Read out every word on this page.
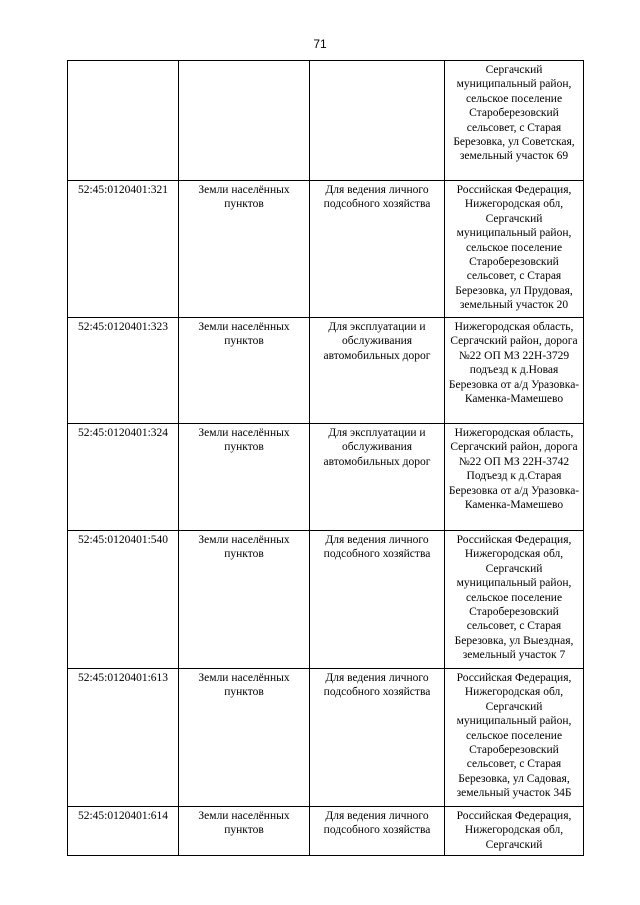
71
			Сергачский муниципальный район, сельское поселение Староберезовский сельсовет, с Старая Березовка, ул Советская, земельный участок 69
52:45:0120401:321	Земли населённых пунктов	Для ведения личного подсобного хозяйства	Российская Федерация, Нижегородская обл, Сергачский муниципальный район, сельское поселение Староберезовский сельсовет, с Старая Березовка, ул Прудовая, земельный участок 20
52:45:0120401:323	Земли населённых пунктов	Для эксплуатации и обслуживания автомобильных дорог	Нижегородская область, Сергачский район, дорога №22 ОП МЗ 22Н-3729 подъезд к д.Новая Березовка от а/д Уразовка-Каменка-Мамешево
52:45:0120401:324	Земли населённых пунктов	Для эксплуатации и обслуживания автомобильных дорог	Нижегородская область, Сергачский район, дорога №22 ОП МЗ 22Н-3742 Подъезд к д.Старая Березовка от а/д Уразовка-Каменка-Мамешево
52:45:0120401:540	Земли населённых пунктов	Для ведения личного подсобного хозяйства	Российская Федерация, Нижегородская обл, Сергачский муниципальный район, сельское поселение Староберезовский сельсовет, с Старая Березовка, ул Выездная, земельный участок 7
52:45:0120401:613	Земли населённых пунктов	Для ведения личного подсобного хозяйства	Российская Федерация, Нижегородская обл, Сергачский муниципальный район, сельское поселение Староберезовский сельсовет, с Старая Березовка, ул Садовая, земельный участок 34Б
52:45:0120401:614	Земли населённых пунктов	Для ведения личного подсобного хозяйства	Российская Федерация, Нижегородская обл, Сергачский
